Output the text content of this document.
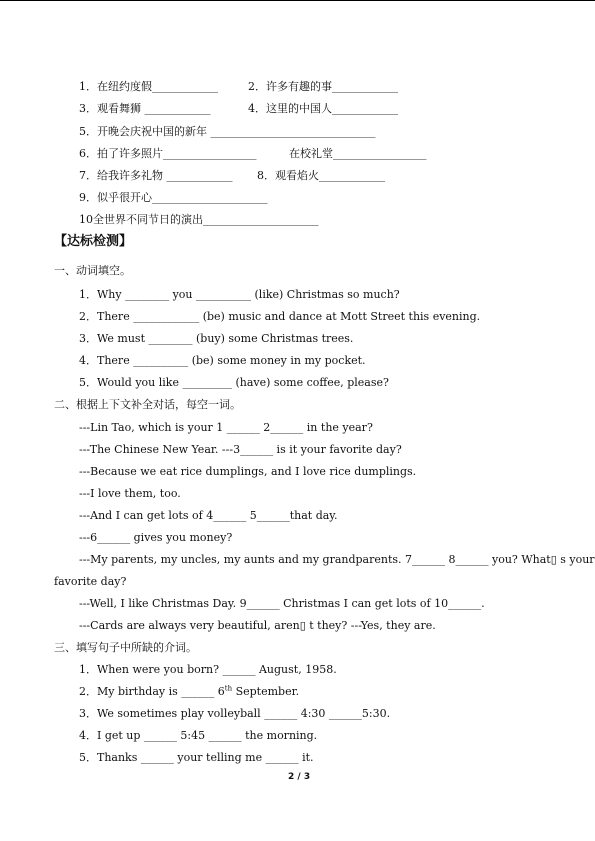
1．在纽约度假____________	2．许多有趣的事____________
3．观看舞狮 ____________	4．这里的中国人____________
5．开晚会庆祝中国的新年 ______________________________
6．拍了许多照片_________________	在校礼堂_________________
7．给我许多礼物 ____________ 8．观看焰火____________
9．似乎很开心_____________________
10全世界不同节日的演出_____________________
【达标检测】
一、动词填空。
1．Why ________ you __________ (like) Christmas so much?
2．There ____________ (be) music and dance at Mott Street this evening.
3．We must ________ (buy) some Christmas trees.
4．There __________ (be) some money in my pocket.
5．Would you like _________ (have) some coffee, please?
二、根据上下文补全对话，每空一词。
---Lin Tao, which is your 1 ______ 2______ in the year?
---The Chinese New Year. ---3______ is it your favorite day?
---Because we eat rice dumplings, and I love rice dumplings.
---I love them, too.
---And I can get lots of 4______ 5______that day.
---6______ gives you money?
---My parents, my uncles, my aunts and my grandparents. 7______ 8______ you? What▯ s your
favorite day?
---Well, I like Christmas Day. 9______ Christmas I can get lots of 10______.
---Cards are always very beautiful, aren▯ t they? ---Yes, they are.
三、填写句子中所缺的介词。
1．When were you born? ______ August, 1958.
2．My birthday is ______ 6th September.
3．We sometimes play volleyball ______ 4:30 ______5:30.
4．I get up ______ 5:45 ______ the morning.
5．Thanks ______ your telling me ______ it.
2 / 3
